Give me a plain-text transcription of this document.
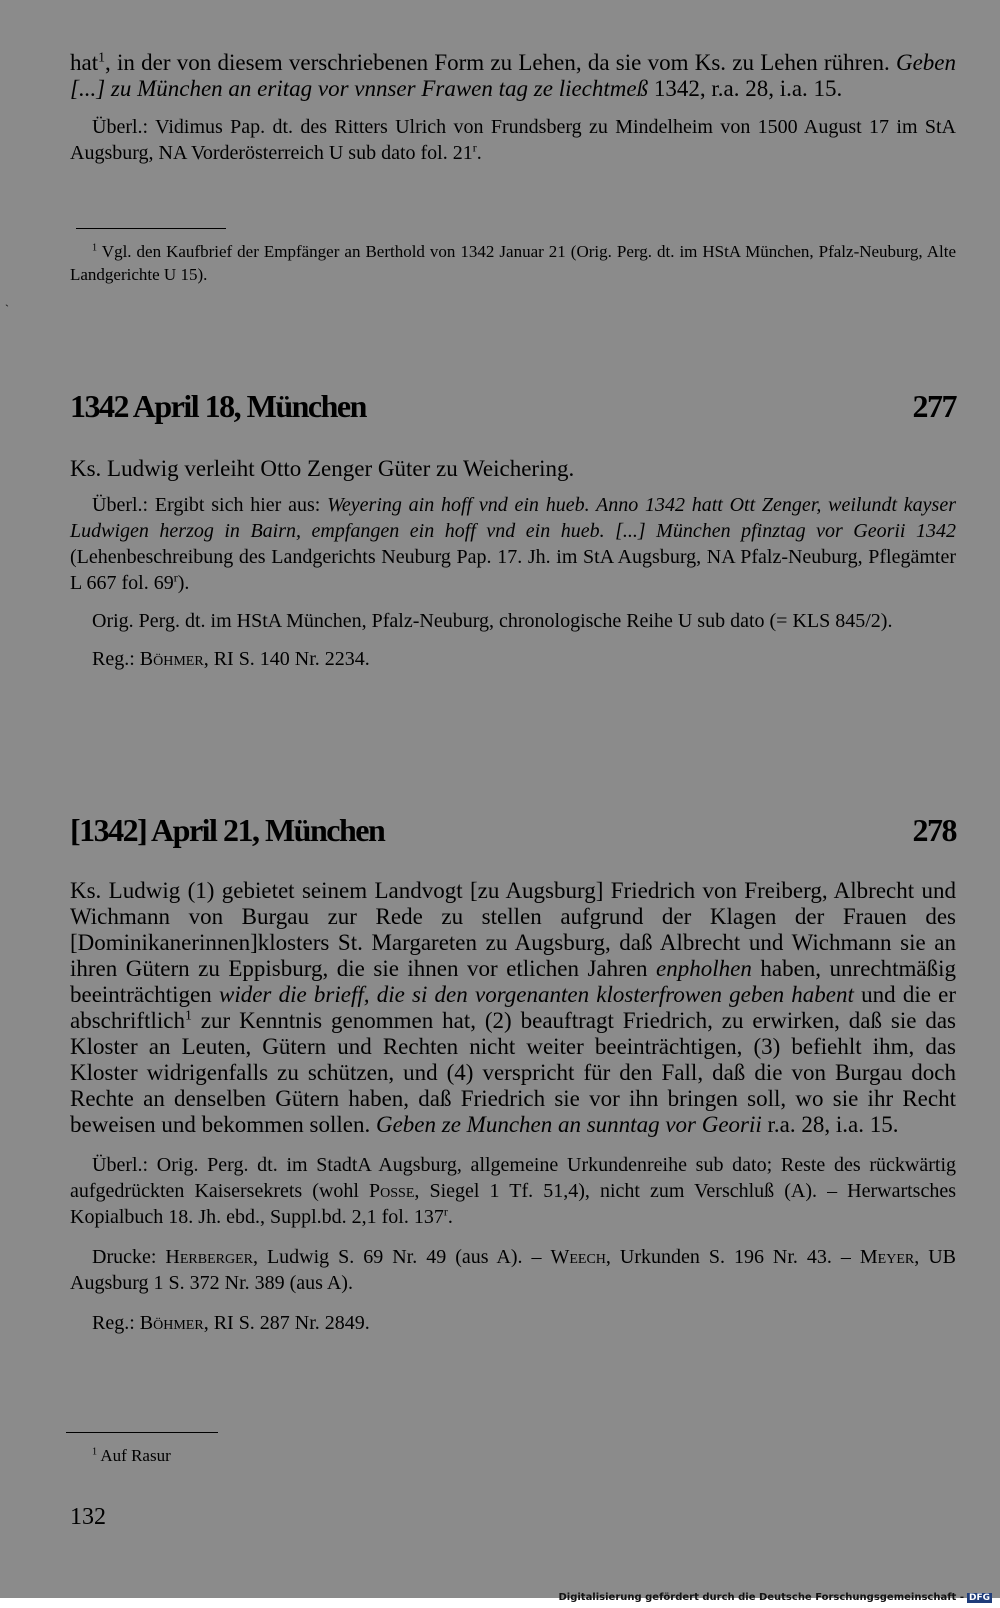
hat$^1$, in der von diesem verschriebenen Form zu Lehen, da sie vom Ks. zu Lehen rühren. Geben [...] zu München an eritag vor vnnser Frawen tag ze liechtmeß 1342, r.a. 28, i.a. 15.

Überl.: Vidimus Pap. dt. des Ritters Ulrich von Frundsberg zu Mindelheim von 1500 August 17 im StA Augsburg, NA Vorderösterreich U sub dato fol. 21$^r$.

$^1$ Vgl. den Kaufbrief der Empfänger an Berthold von 1342 Januar 21 (Orig. Perg. dt. im HStA München, Pfalz-Neuburg, Alte Landgerichte U 15).

`
1342 April 18, München	277

Ks. Ludwig verleiht Otto Zenger Güter zu Weichering.

Überl.: Ergibt sich hier aus: Weyering ain hoff vnd ein hueb. Anno 1342 hatt Ott Zenger, weilundt kayser Ludwigen herzog in Bairn, empfangen ein hoff vnd ein hueb. [...] München pfinztag vor Georii 1342 (Lehenbeschreibung des Landgerichts Neuburg Pap. 17. Jh. im StA Augsburg, NA Pfalz-Neuburg, Pflegämter L 667 fol. 69$^r$).

Orig. Perg. dt. im HStA München, Pfalz-Neuburg, chronologische Reihe U sub dato (= KLS 845/2).

Reg.: Böhmer, RI S. 140 Nr. 2234.

[1342] April 21, München	278

Ks. Ludwig (1) gebietet seinem Landvogt [zu Augsburg] Friedrich von Freiberg, Albrecht und Wichmann von Burgau zur Rede zu stellen aufgrund der Klagen der Frauen des [Dominikanerinnen]klosters St. Margareten zu Augsburg, daß Albrecht und Wichmann sie an ihren Gütern zu Eppisburg, die sie ihnen vor etlichen Jahren enpholhen haben, unrechtmäßig beeinträchtigen wider die brieff, die si den vorgenanten klosterfrowen geben habent und die er abschriftlich$^1$ zur Kenntnis genommen hat, (2) beauftragt Friedrich, zu erwirken, daß sie das Kloster an Leuten, Gütern und Rechten nicht weiter beeinträchtigen, (3) befiehlt ihm, das Kloster widrigenfalls zu schützen, und (4) verspricht für den Fall, daß die von Burgau doch Rechte an denselben Gütern haben, daß Friedrich sie vor ihn bringen soll, wo sie ihr Recht beweisen und bekommen sollen. Geben ze Munchen an sunntag vor Georii r.a. 28, i.a. 15.

Überl.: Orig. Perg. dt. im StadtA Augsburg, allgemeine Urkundenreihe sub dato; Reste des rückwärtig aufgedrückten Kaisersekrets (wohl Posse, Siegel 1 Tf. 51,4), nicht zum Verschluß (A). – Herwartsches Kopialbuch 18. Jh. ebd., Suppl.bd. 2,1 fol. 137$^r$.

Drucke: Herberger, Ludwig S. 69 Nr. 49 (aus A). – Weech, Urkunden S. 196 Nr. 43. – Meyer, UB Augsburg 1 S. 372 Nr. 389 (aus A).

Reg.: Böhmer, RI S. 287 Nr. 2849.

$^1$ Auf Rasur

132
Digitalisierung gefördert durch die Deutsche Forschungsgemeinschaft - DFG
